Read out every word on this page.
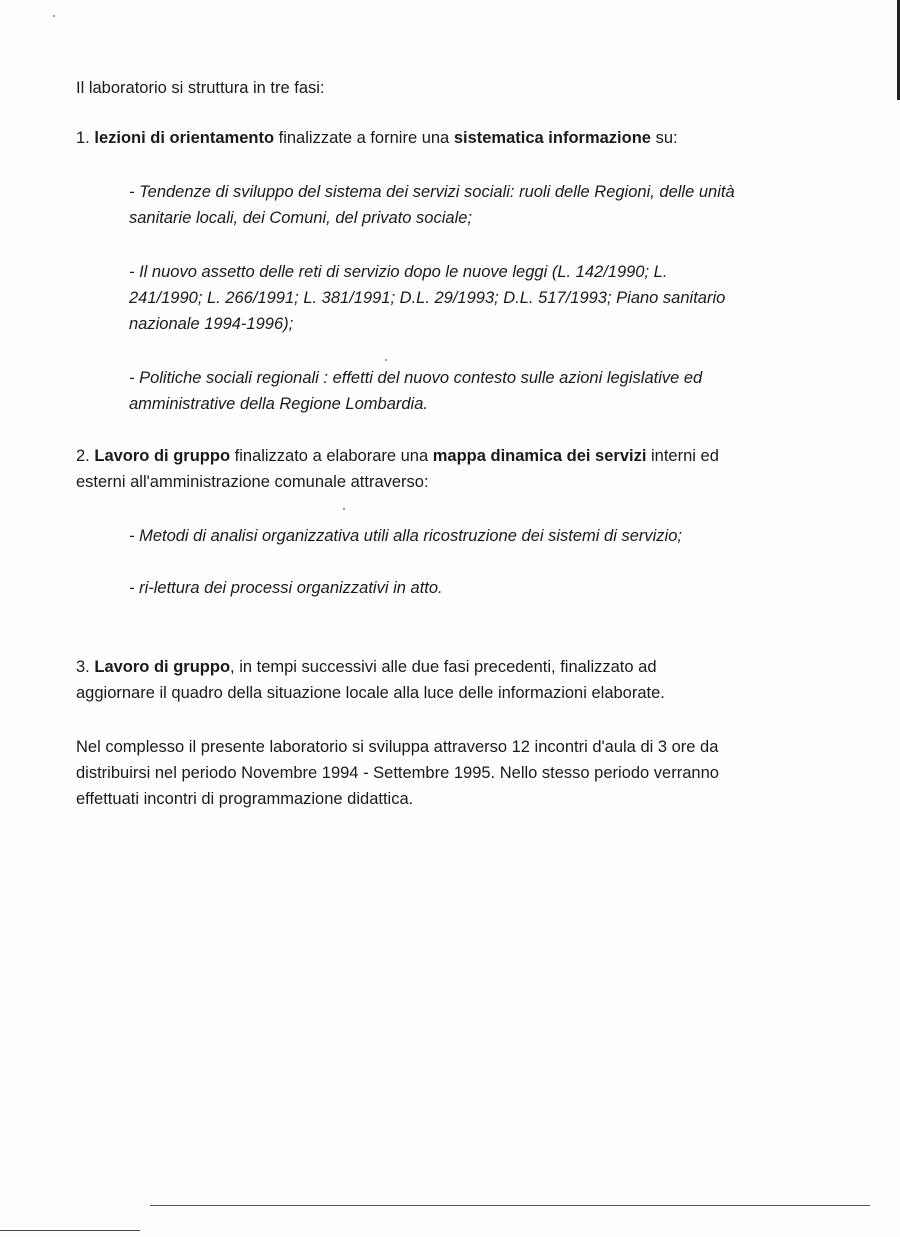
Il laboratorio si struttura in tre fasi:
1. lezioni di orientamento finalizzate a fornire una sistematica informazione su:
- Tendenze di sviluppo del sistema dei servizi sociali: ruoli delle Regioni, delle unità
sanitarie locali, dei Comuni, del privato sociale;
- Il nuovo assetto delle reti di servizio dopo le nuove leggi (L. 142/1990; L.
241/1990; L. 266/1991; L. 381/1991; D.L. 29/1993; D.L. 517/1993; Piano sanitario
nazionale 1994-1996);
- Politiche sociali regionali : effetti del nuovo contesto sulle azioni legislative ed
amministrative della Regione Lombardia.
2. Lavoro di gruppo finalizzato a elaborare una mappa dinamica dei servizi interni ed
esterni all'amministrazione comunale attraverso:
- Metodi di analisi organizzativa utili alla ricostruzione dei sistemi di servizio;
- ri-lettura dei processi organizzativi in atto.
3. Lavoro di gruppo, in tempi successivi alle due fasi precedenti, finalizzato ad
aggiornare il quadro della situazione locale alla luce delle informazioni elaborate.
Nel complesso il presente laboratorio si sviluppa attraverso 12 incontri d'aula di 3 ore da
distribuirsi nel periodo Novembre 1994 - Settembre 1995. Nello stesso periodo verranno
effettuati incontri di programmazione didattica.
